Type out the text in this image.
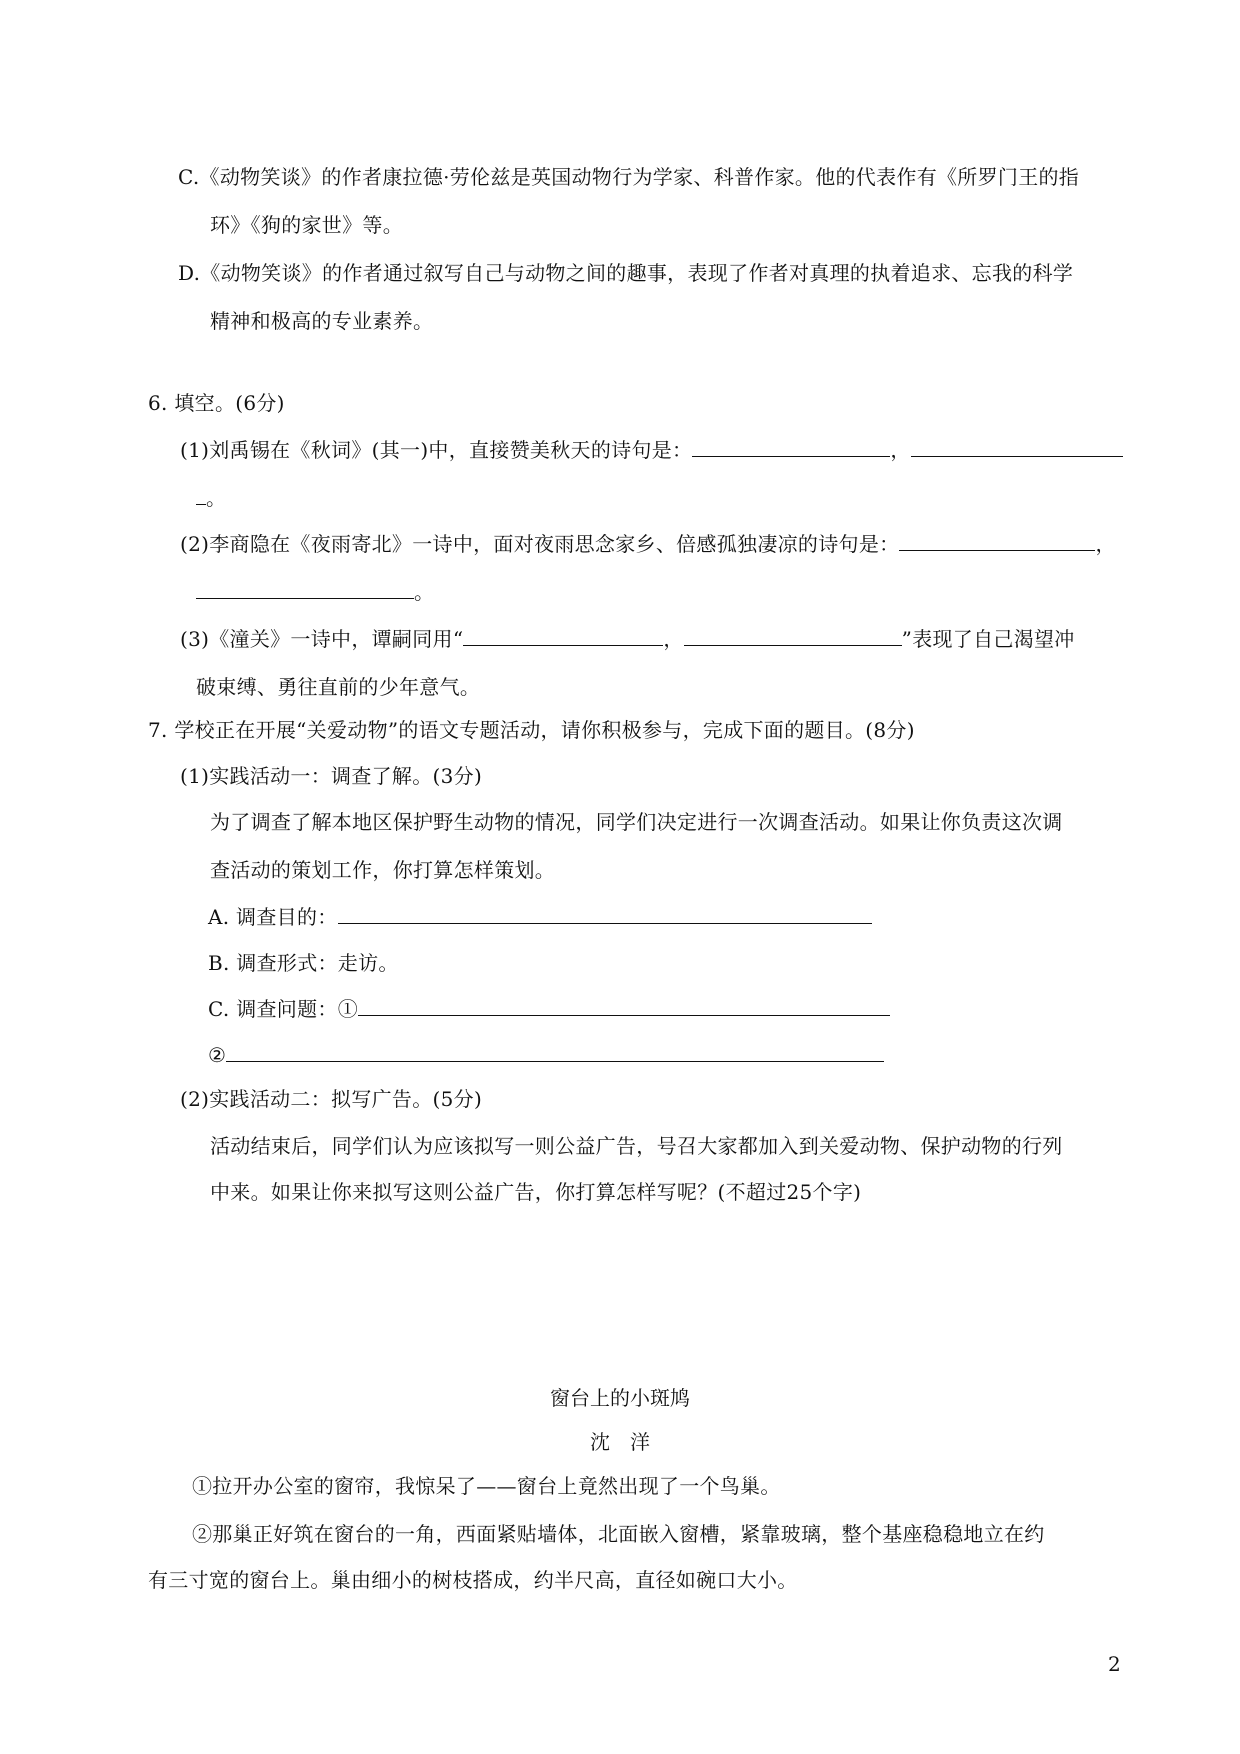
C.《动物笑谈》的作者康拉德·劳伦兹是英国动物行为学家、科普作家。他的代表作有《所罗门王的指
环》《狗的家世》等。
D.《动物笑谈》的作者通过叙写自己与动物之间的趣事，表现了作者对真理的执着追求、忘我的科学
精神和极高的专业素养。
6. 填空。(6分)
(1)刘禹锡在《秋词》(其一)中，直接赞美秋天的诗句是：	，
。
(2)李商隐在《夜雨寄北》一诗中，面对夜雨思念家乡、倍感孤独凄凉的诗句是：	，
。
(3)《潼关》一诗中，谭嗣同用“	，	”表现了自己渴望冲
破束缚、勇往直前的少年意气。
7. 学校正在开展“关爱动物”的语文专题活动，请你积极参与，完成下面的题目。(8分)
(1)实践活动一：调查了解。(3分)
为了调查了解本地区保护野生动物的情况，同学们决定进行一次调查活动。如果让你负责这次调
查活动的策划工作，你打算怎样策划。
A. 调查目的：
B. 调查形式：走访。
C. 调查问题：①
②
(2)实践活动二：拟写广告。(5分)
活动结束后，同学们认为应该拟写一则公益广告，号召大家都加入到关爱动物、保护动物的行列
中来。如果让你来拟写这则公益广告，你打算怎样写呢？(不超过25个字)
窗台上的小斑鸠
沈　洋
①拉开办公室的窗帘，我惊呆了——窗台上竟然出现了一个鸟巢。
②那巢正好筑在窗台的一角，西面紧贴墙体，北面嵌入窗槽，紧靠玻璃，整个基座稳稳地立在约
有三寸宽的窗台上。巢由细小的树枝搭成，约半尺高，直径如碗口大小。
2
